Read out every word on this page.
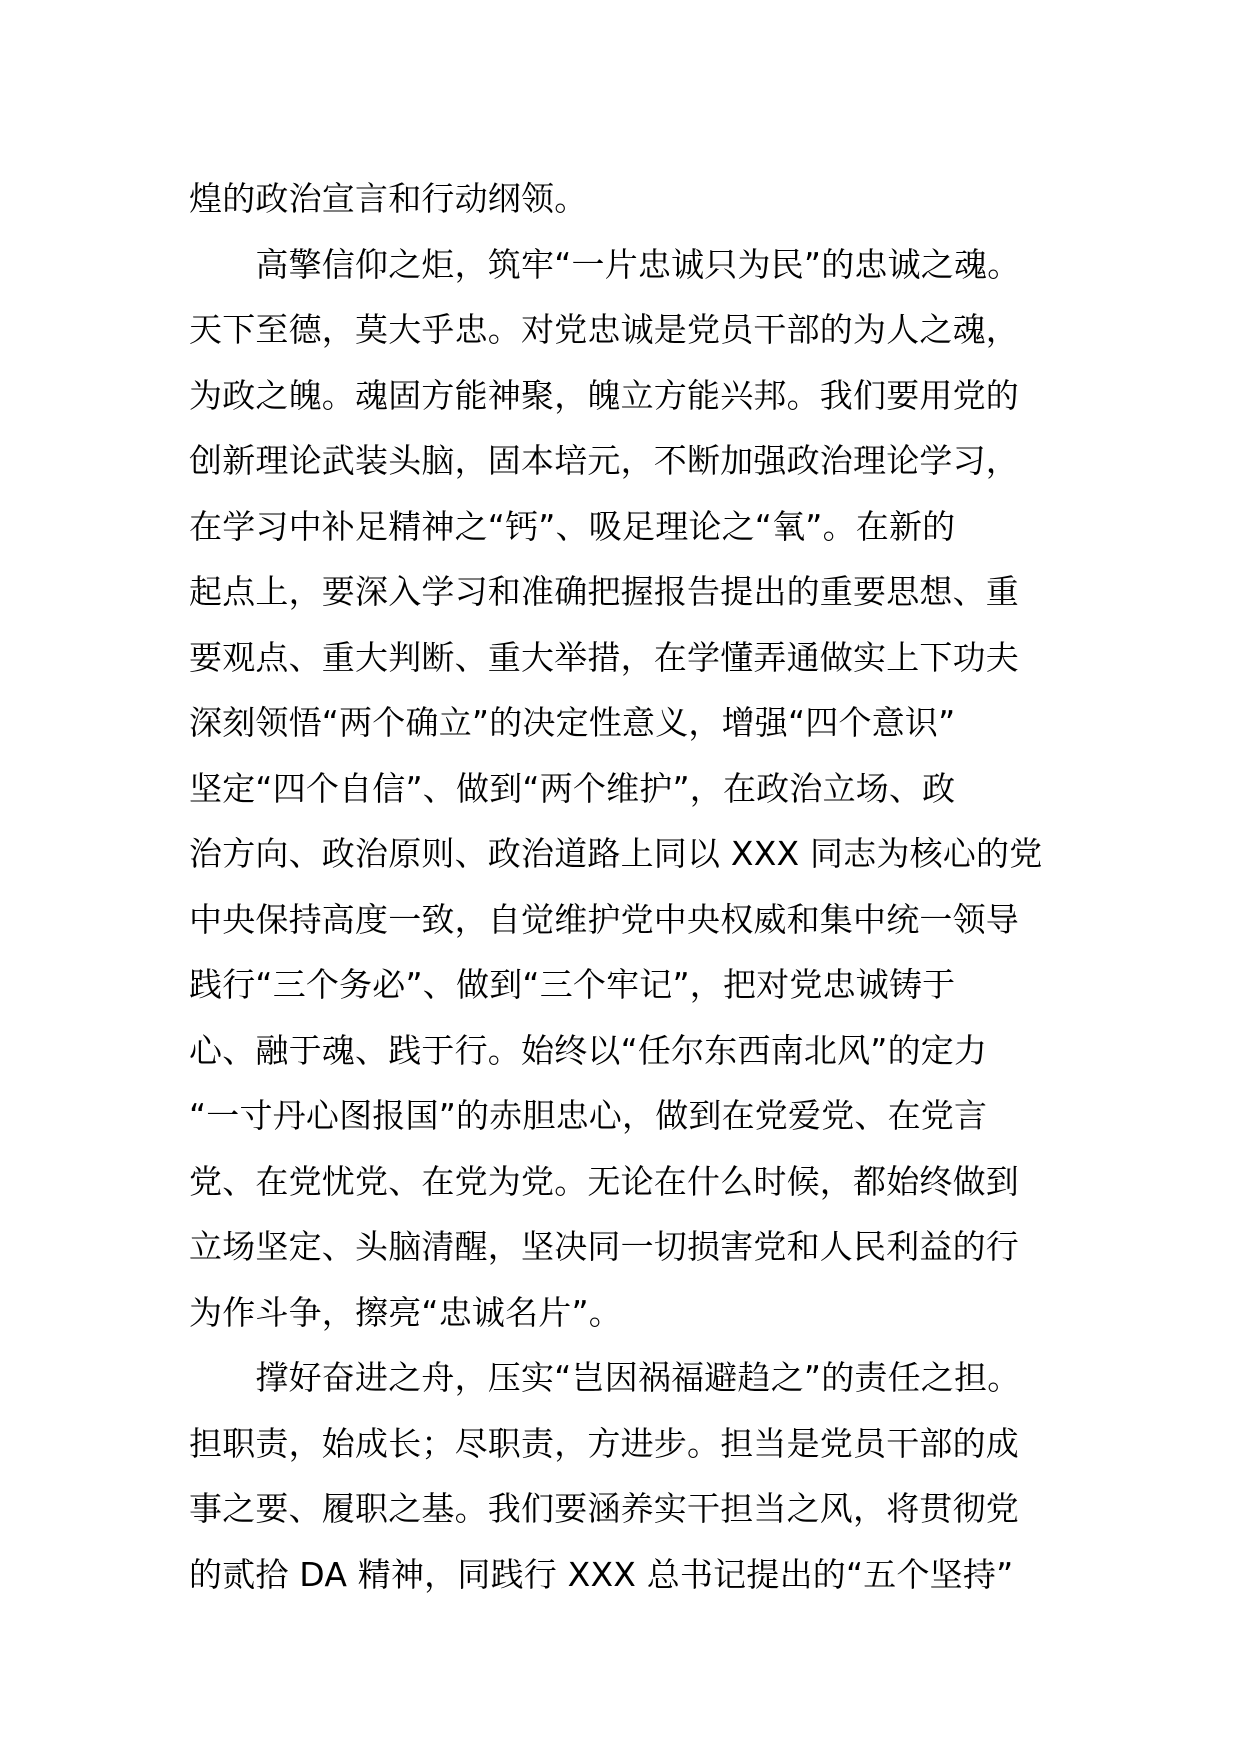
煌的政治宣言和行动纲领。
　　高擎信仰之炬，筑牢“一片忠诚只为民”的忠诚之魂。
天下至德，莫大乎忠。对党忠诚是党员干部的为人之魂，
为政之魄。魂固方能神聚，魄立方能兴邦。我们要用党的
创新理论武装头脑，固本培元，不断加强政治理论学习，
在学习中补足精神之“钙”、吸足理论之“氧”。在新的
起点上，要深入学习和准确把握报告提出的重要思想、重
要观点、重大判断、重大举措，在学懂弄通做实上下功夫
深刻领悟“两个确立”的决定性意义，增强“四个意识”
坚定“四个自信”、做到“两个维护”，在政治立场、政
治方向、政治原则、政治道路上同以 XXX 同志为核心的党
中央保持高度一致，自觉维护党中央权威和集中统一领导
践行“三个务必”、做到“三个牢记”，把对党忠诚铸于
心、融于魂、践于行。始终以“任尔东西南北风”的定力
“一寸丹心图报国”的赤胆忠心，做到在党爱党、在党言
党、在党忧党、在党为党。无论在什么时候，都始终做到
立场坚定、头脑清醒，坚决同一切损害党和人民利益的行
为作斗争，擦亮“忠诚名片”。
　　撑好奋进之舟，压实“岂因祸福避趋之”的责任之担。
担职责，始成长；尽职责，方进步。担当是党员干部的成
事之要、履职之基。我们要涵养实干担当之风，将贯彻党
的贰拾 DA 精神，同践行 XXX 总书记提出的“五个坚持”
